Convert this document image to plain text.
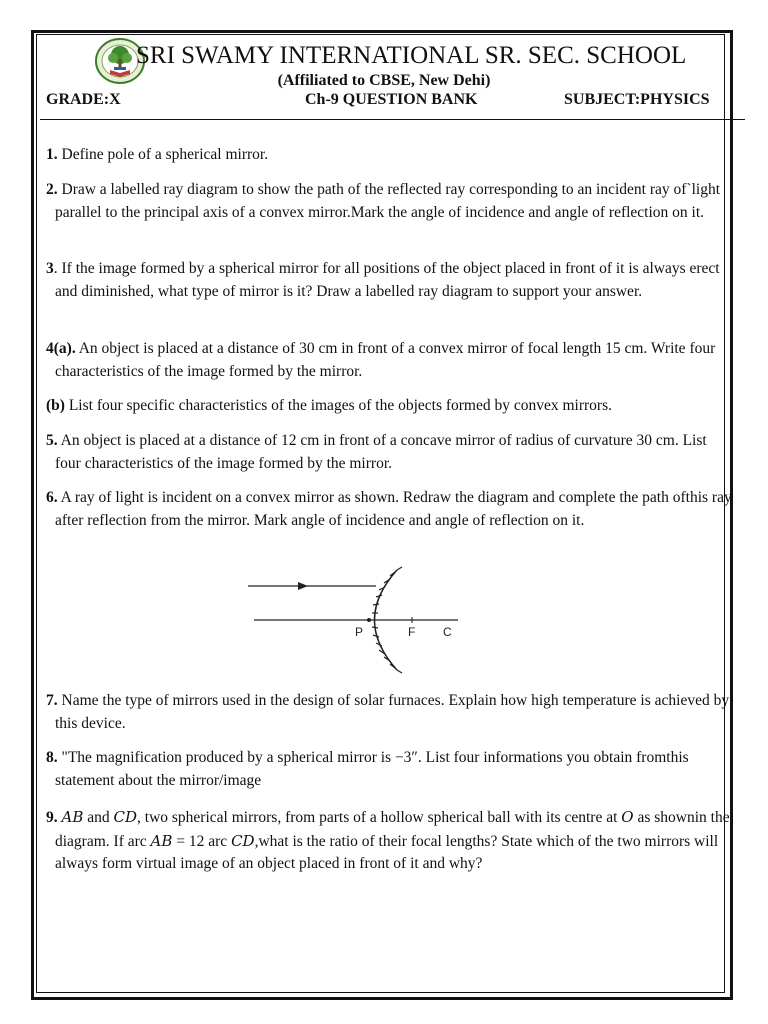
SRI SWAMY INTERNATIONAL SR. SEC. SCHOOL
(Affiliated to CBSE, New Dehi)
GRADE:X	Ch-9 QUESTION BANK	SUBJECT:PHYSICS
1. Define pole of a spherical mirror.
2. Draw a labelled ray diagram to show the path of the reflected ray corresponding to an incident ray of`light parallel to the principal axis of a convex mirror.Mark the angle of incidence and angle of reflection on it.
3. If the image formed by a spherical mirror for all positions of the object placed in front of it is always erect and diminished, what type of mirror is it? Draw a labelled ray diagram to support your answer.
4(a). An object is placed at a distance of 30 cm in front of a convex mirror of focal length 15 cm. Write four characteristics of the image formed by the mirror.
(b) List four specific characteristics of the images of the objects formed by convex mirrors.
5. An object is placed at a distance of 12 cm in front of a concave mirror of radius of curvature 30 cm. List four characteristics of the image formed by the mirror.
6. A ray of light is incident on a convex mirror as shown. Redraw the diagram and complete the path ofthis ray after reflection from the mirror. Mark angle of incidence and angle of reflection on it.
P	F C
7. Name the type of mirrors used in the design of solar furnaces. Explain how high temperature is achieved by this device.
8. "The magnification produced by a spherical mirror is −3″. List four informations you obtain fromthis statement about the mirror/image
9. AB and CD, two spherical mirrors, from parts of a hollow spherical ball with its centre at O as shownin the diagram. If arc AB = 12 arc CD,what is the ratio of their focal lengths? State which of the two mirrors will always form virtual image of an object placed in front of it and why?
